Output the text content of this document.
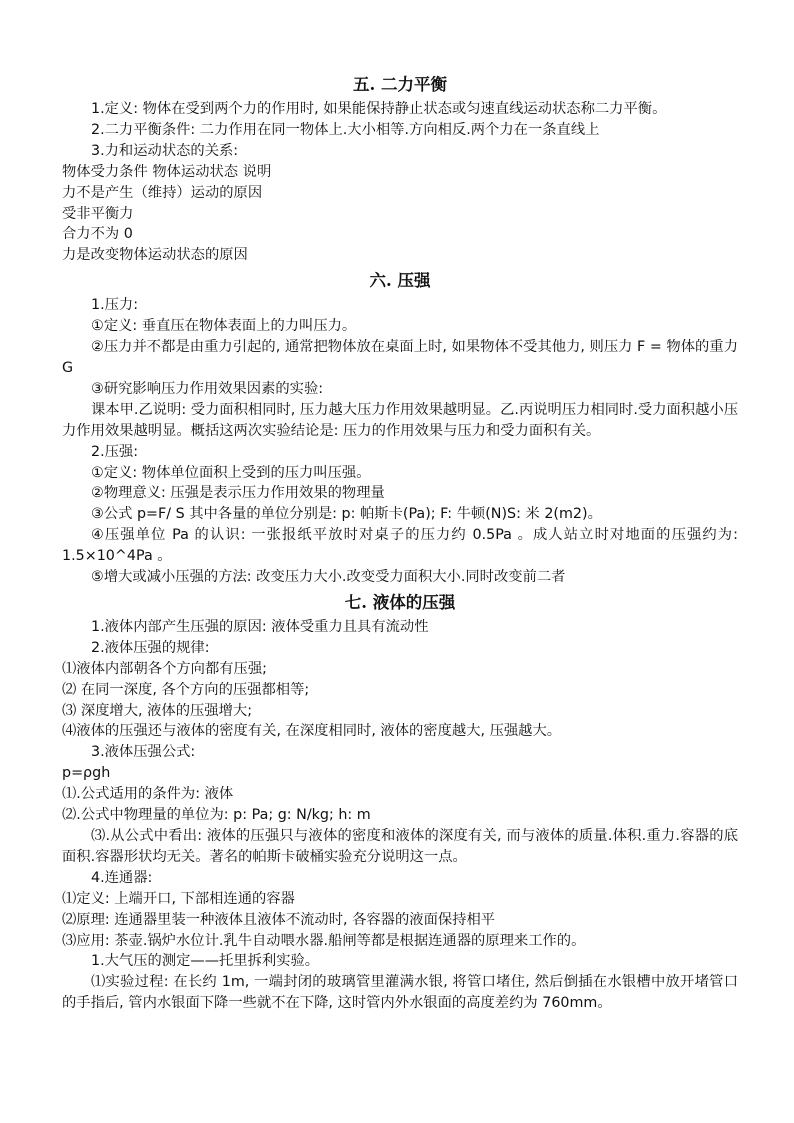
五. 二力平衡
1.定义: 物体在受到两个力的作用时, 如果能保持静止状态或匀速直线运动状态称二力平衡。
2.二力平衡条件: 二力作用在同一物体上.大小相等.方向相反.两个力在一条直线上
3.力和运动状态的关系:
物体受力条件 物体运动状态 说明
力不是产生（维持）运动的原因
受非平衡力
合力不为 0
力是改变物体运动状态的原因
六. 压强
1.压力:
①定义: 垂直压在物体表面上的力叫压力。
②压力并不都是由重力引起的, 通常把物体放在桌面上时, 如果物体不受其他力, 则压力 F = 物体的重力 G
③研究影响压力作用效果因素的实验:
课本甲.乙说明: 受力面积相同时, 压力越大压力作用效果越明显。乙.丙说明压力相同时.受力面积越小压力作用效果越明显。概括这两次实验结论是: 压力的作用效果与压力和受力面积有关。
2.压强:
①定义: 物体单位面积上受到的压力叫压强。
②物理意义: 压强是表示压力作用效果的物理量
③公式 p=F/ S 其中各量的单位分别是: p: 帕斯卡(Pa); F: 牛顿(N)S: 米 2(m2)。
④压强单位 Pa 的认识: 一张报纸平放时对桌子的压力约 0.5Pa 。成人站立时对地面的压强约为: 1.5×10^4Pa 。
⑤增大或减小压强的方法: 改变压力大小.改变受力面积大小.同时改变前二者
七. 液体的压强
1.液体内部产生压强的原因: 液体受重力且具有流动性
2.液体压强的规律:
⑴液体内部朝各个方向都有压强;
⑵ 在同一深度, 各个方向的压强都相等;
⑶ 深度增大, 液体的压强增大;
⑷液体的压强还与液体的密度有关, 在深度相同时, 液体的密度越大, 压强越大。
3.液体压强公式:
p=ρgh
⑴.公式适用的条件为: 液体
⑵.公式中物理量的单位为: p: Pa; g: N/kg; h: m
⑶.从公式中看出: 液体的压强只与液体的密度和液体的深度有关, 而与液体的质量.体积.重力.容器的底面积.容器形状均无关。著名的帕斯卡破桶实验充分说明这一点。
4.连通器:
⑴定义: 上端开口, 下部相连通的容器
⑵原理: 连通器里装一种液体且液体不流动时, 各容器的液面保持相平
⑶应用: 茶壶.锅炉水位计.乳牛自动喂水器.船闸等都是根据连通器的原理来工作的。
1.大气压的测定——托里拆利实验。
⑴实验过程: 在长约 1m, 一端封闭的玻璃管里灌满水银, 将管口堵住, 然后倒插在水银槽中放开堵管口的手指后, 管内水银面下降一些就不在下降, 这时管内外水银面的高度差约为 760mm。
